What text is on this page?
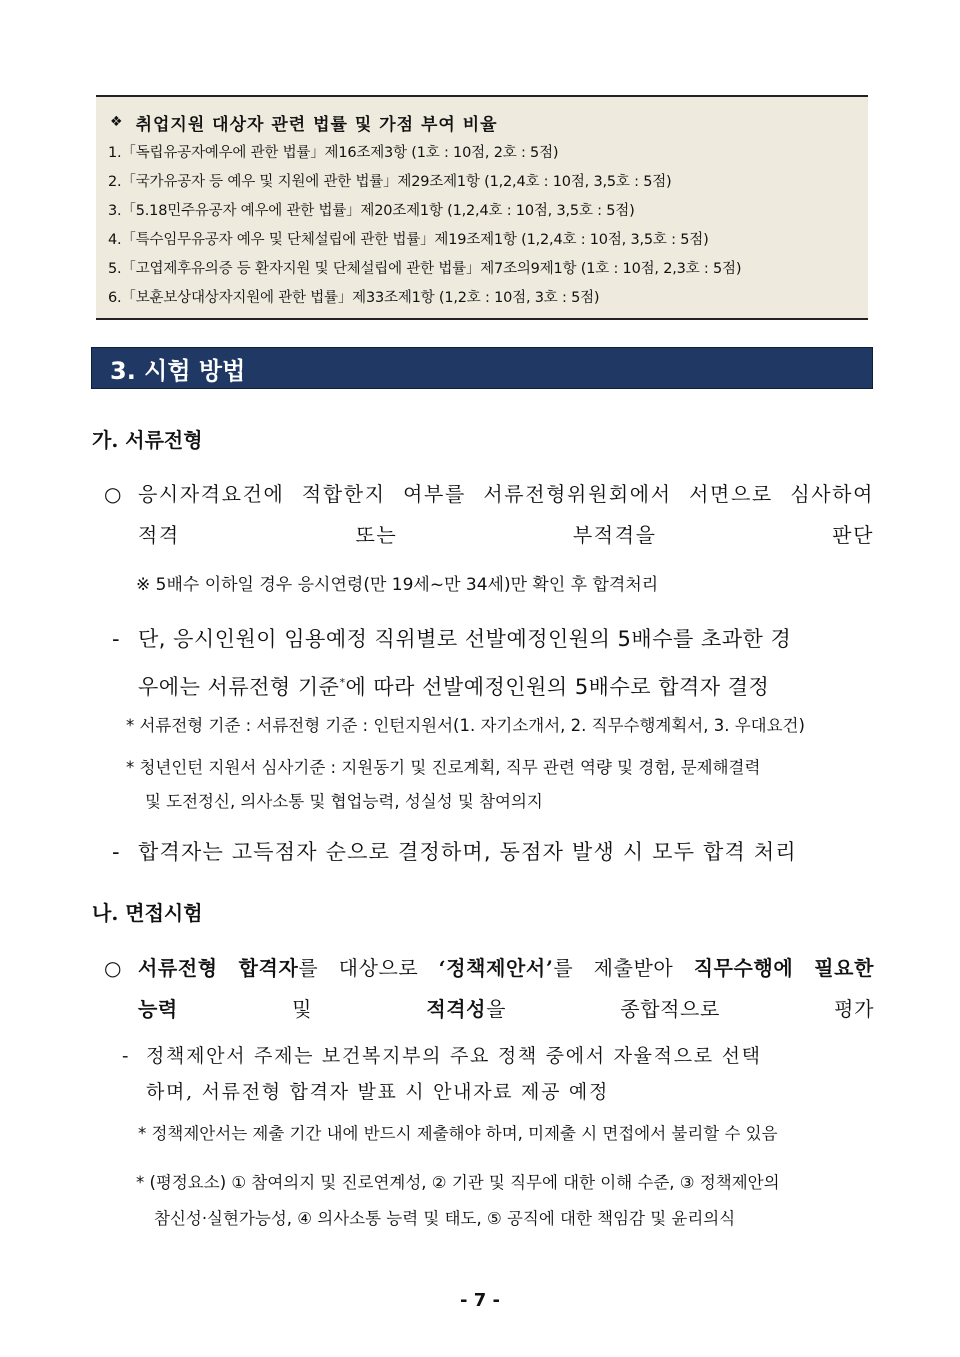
❖ 취업지원 대상자 관련 법률 및 가점 부여 비율
1.「독립유공자예우에 관한 법률」제16조제3항 (1호 : 10점, 2호 : 5점)
2.「국가유공자 등 예우 및 지원에 관한 법률」제29조제1항 (1,2,4호 : 10점, 3,5호 : 5점)
3.「5.18민주유공자 예우에 관한 법률」제20조제1항 (1,2,4호 : 10점, 3,5호 : 5점)
4.「특수임무유공자 예우 및 단체설립에 관한 법률」제19조제1항 (1,2,4호 : 10점, 3,5호 : 5점)
5.「고엽제후유의증 등 환자지원 및 단체설립에 관한 법률」제7조의9제1항 (1호 : 10점, 2,3호 : 5점)
6.「보훈보상대상자지원에 관한 법률」제33조제1항 (1,2호 : 10점, 3호 : 5점)
3. 시험 방법
가. 서류전형
○ 응시자격요건에 적합한지 여부를 서류전형위원회에서 서면으로 심사하여
적격 또는 부적격을 판단
※ 5배수 이하일 경우 응시연령(만 19세~만 34세)만 확인 후 합격처리
- 단, 응시인원이 임용예정 직위별로 선발예정인원의 5배수를 초과한 경
우에는 서류전형 기준*에 따라 선발예정인원의 5배수로 합격자 결정
* 서류전형 기준 : 서류전형 기준 : 인턴지원서(1. 자기소개서, 2. 직무수행계획서, 3. 우대요건)
* 청년인턴 지원서 심사기준 : 지원동기 및 진로계획, 직무 관련 역량 및 경험, 문제해결력
및 도전정신, 의사소통 및 협업능력, 성실성 및 참여의지
- 합격자는 고득점자 순으로 결정하며, 동점자 발생 시 모두 합격 처리
나. 면접시험
○ 서류전형 합격자를 대상으로 ‘정책제안서’를 제출받아 직무수행에 필요한
능력 및 적격성을 종합적으로 평가
- 정책제안서 주제는 보건복지부의 주요 정책 중에서 자율적으로 선택
하며, 서류전형 합격자 발표 시 안내자료 제공 예정
* 정책제안서는 제출 기간 내에 반드시 제출해야 하며, 미제출 시 면접에서 불리할 수 있음
* (평정요소) ① 참여의지 및 진로연계성, ② 기관 및 직무에 대한 이해 수준, ③ 정책제안의
참신성·실현가능성, ④ 의사소통 능력 및 태도, ⑤ 공직에 대한 책임감 및 윤리의식
- 7 -
